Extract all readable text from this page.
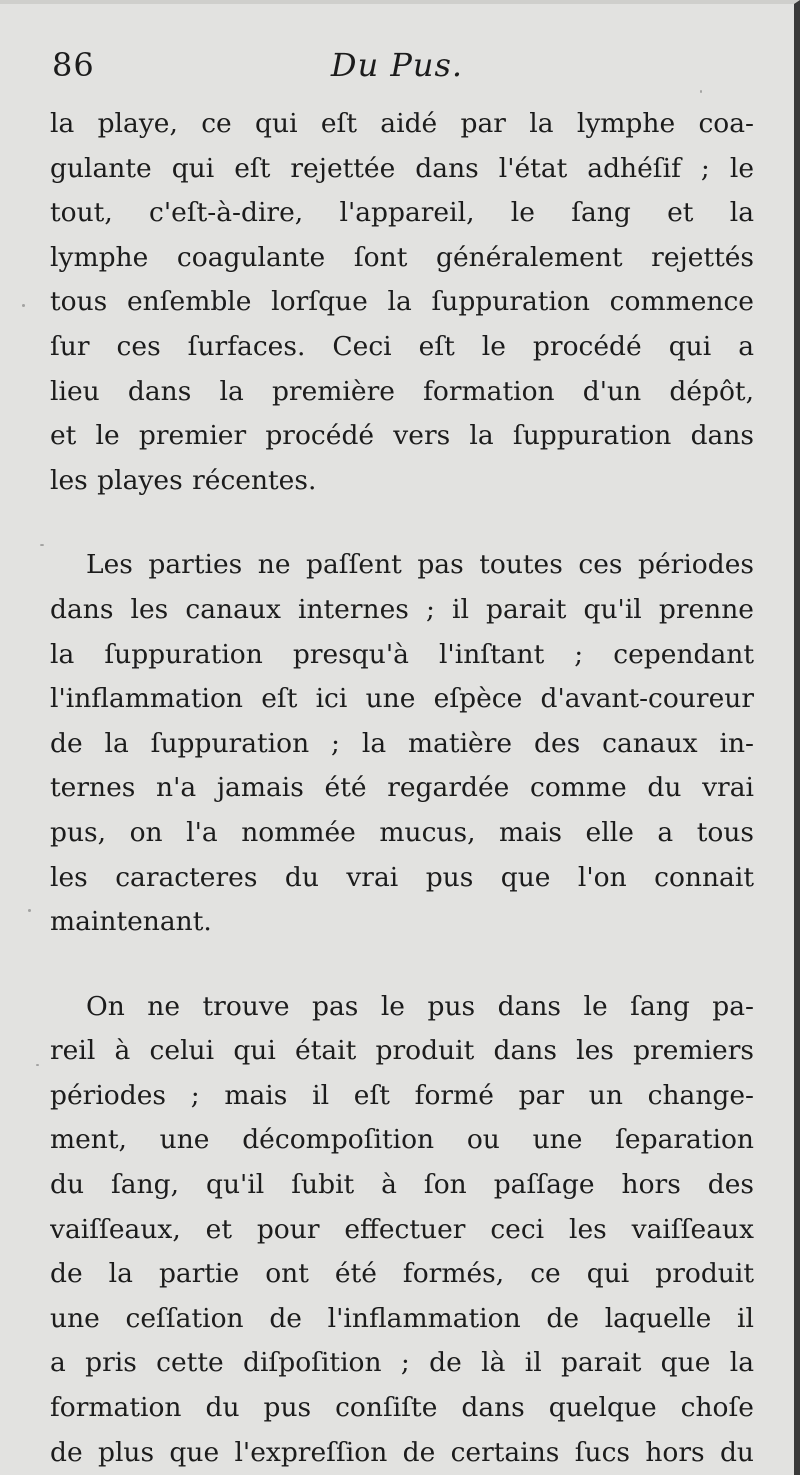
86	Du Pus.

la playe, ce qui eſt aidé par la lymphe coa-
gulante qui eſt rejettée dans l'état adhéſif ; le
tout, c'eſt-à-dire, l'appareil, le ſang et la
lymphe coagulante ſont généralement rejettés
tous enſemble lorſque la ſuppuration commence
ſur ces ſurfaces. Ceci eſt le procédé qui a
lieu dans la première formation d'un dépôt,
et le premier procédé vers la ſuppuration dans
les playes récentes.

Les parties ne paſſent pas toutes ces périodes
dans les canaux internes ; il parait qu'il prenne
la ſuppuration presqu'à l'inſtant ; cependant
l'inflammation eſt ici une eſpèce d'avant-coureur
de la ſuppuration ; la matière des canaux in-
ternes n'a jamais été regardée comme du vrai
pus, on l'a nommée mucus, mais elle a tous
les caracteres du vrai pus que l'on connait
maintenant.

On ne trouve pas le pus dans le ſang pa-
reil à celui qui était produit dans les premiers
périodes ; mais il eſt formé par un change-
ment, une décompoſition ou une ſeparation
du ſang, qu'il ſubit à ſon paſſage hors des
vaiſſeaux, et pour effectuer ceci les vaiſſeaux
de la partie ont été formés, ce qui produit
une ceſſation de l'inflammation de laquelle il
a pris cette diſpoſition ; de là il parait que la
formation du pus conſiſte dans quelque choſe
de plus que l'expreſſion de certains ſucs hors du
